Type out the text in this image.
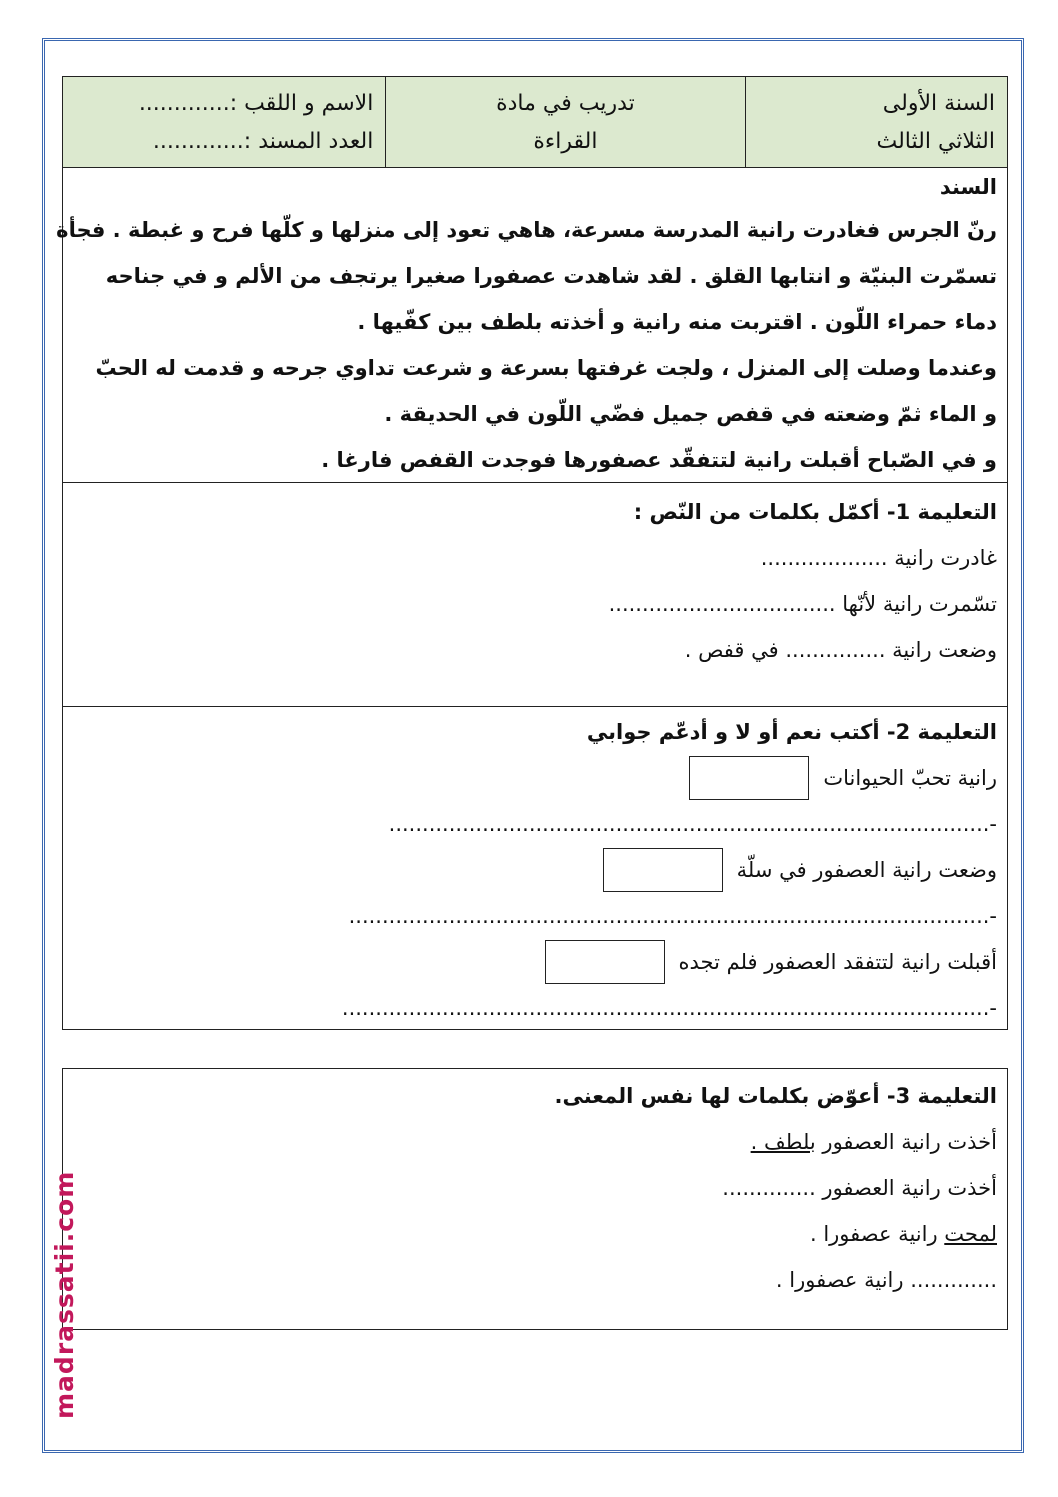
السنة الأولى
الثلاثي الثالث
تدريب في مادة
القراءة
الاسم و اللقب :.............
العدد المسند :.............
السند
رنّ الجرس فغادرت رانية المدرسة مسرعة، هاهي تعود إلى منزلها و كلّها فرح و غبطة . فجأة
تسمّرت البنيّة و انتابها القلق . لقد شاهدت عصفورا صغيرا يرتجف من الألم و في جناحه
دماء حمراء اللّون . اقتربت منه رانية و أخذته بلطف بين كفّيها .
وعندما وصلت إلى المنزل ، ولجت غرفتها بسرعة و شرعت تداوي جرحه و قدمت له الحبّ
و الماء ثمّ وضعته في قفص جميل فضّي اللّون في الحديقة .
و في الصّباح أقبلت رانية لتتفقّد عصفورها فوجدت القفص فارغا .
التعليمة 1- أكمّل بكلمات من النّص :
غادرت رانية ...................
تسّمرت رانية لأنّها ..................................
وضعت رانية ............... في قفص .
التعليمة 2- أكتب نعم أو لا و أدعّم جوابي
رانية تحبّ الحيوانات
-..........................................................................................
وضعت رانية العصفور في سلّة
-................................................................................................
أقبلت رانية لتتفقد العصفور فلم تجده
-.................................................................................................
التعليمة 3- أعوّض بكلمات لها نفس المعنى.
أخذت رانية العصفور بلطف .
أخذت رانية العصفور ..............
لمحت رانية عصفورا .
............. رانية عصفورا .
madrassatii.com
